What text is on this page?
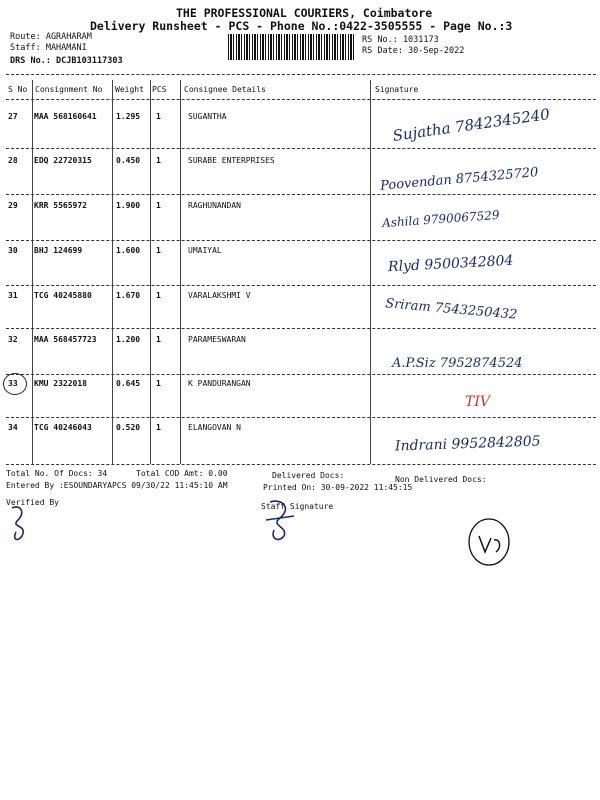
THE PROFESSIONAL COURIERS, Coimbatore
Delivery Runsheet - PCS - Phone No.:0422-3505555 - Page No.:3
Route: AGRAHARAM
Staff: MAHAMANI
DRS No.: DCJB103117303
RS No.: 1031173
RS Date: 30-Sep-2022
S No Consignment No Weight PCS Consignee Details	Signature
27 MAA 568160641 1.295 1	SUGANTHA	Sujatha 7842345240
28 EDQ 22720315	0.450 1	SURABE ENTERPRISES
Poovendan 8754325720
29 KRR 5565972	1.900 1	RAGHUNANDAN
Ashila 9790067529
30 BHJ 124699	1.600 1	UMAIYAL
Rlyd 9500342804
31 TCG 40245880	1.670 1	VARALAKSHMI V
Sriram 7543250432
32 MAA 568457723 1.200 1	PARAMESWARAN
A.P.Siz 7952874524
33 KMU 2322018	0.645 1	K PANDURANGAN
TIV
34 TCG 40246043	0.520 1	ELANGOVAN N
Indrani 9952842805
Total No. Of Docs: 34	Total COD Amt: 0.00	Delivered Docs:	Non Delivered Docs:
Entered By :ESOUNDARYAPCS 09/30/22 11:45:10 AM	Printed On: 30-09-2022 11:45:15
Verified By	Staff Signature
